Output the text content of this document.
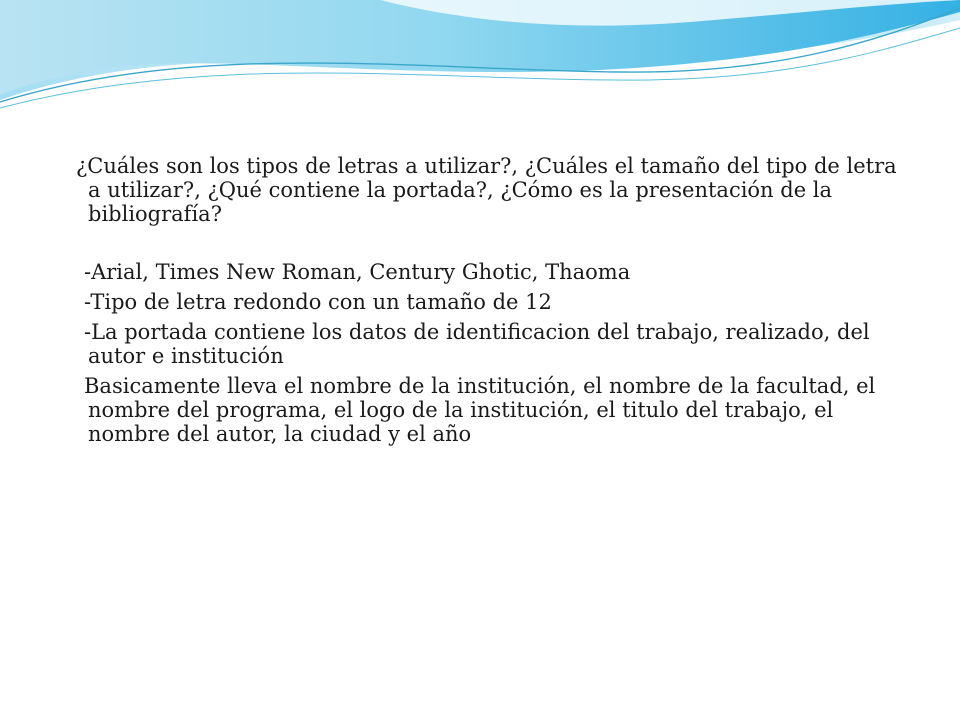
¿Cuáles son los tipos de letras a utilizar?, ¿Cuáles el tamaño del tipo de letra a utilizar?, ¿Qué contiene la portada?, ¿Cómo es la presentación de la bibliografía?

-Arial, Times New Roman, Century Ghotic, Thaoma

-Tipo de letra redondo con un tamaño de 12

-La portada contiene los datos de identificacion del trabajo, realizado, del autor e institución

Basicamente lleva el nombre de la institución, el nombre de la facultad, el nombre del programa, el logo de la institución, el titulo del trabajo, el nombre del autor, la ciudad y el año
